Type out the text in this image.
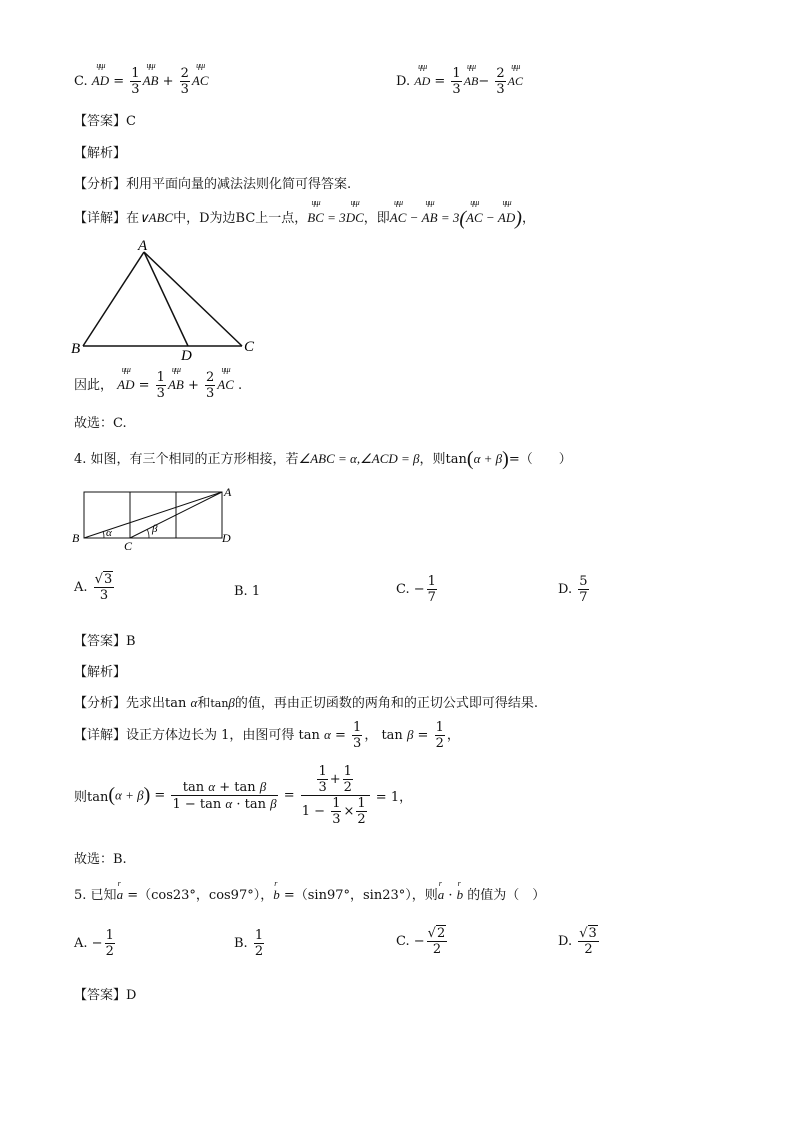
C. ɥɥɹ AD = $\frac{1}{3}$ ɥɥɹ AB + $\frac{2}{3}$ ɥɥɹ AC	D. ɥɥɹ AD = $\frac{1}{3}$ ɥɥɹ $AB- \frac{2}{3}$ ɥɥɹ AC
【答案】C
【解析】
【分析】利用平面向量的减法法则化简可得答案.
【详解】在∨ABC中，D为边BC上一点，ɥɥɹ BC = 3ɥɥɹ DC，即ɥɥɹ AC − ɥɥɹ AB = 3(ɥɥɹ AC − ɥɥɹ AD)，
A
B	D
C
因此， ɥɥɹ AD = $\frac{1}{3}$ ɥɥɹ AB + $\frac{2}{3}$ ɥɥɹ AC .
故选：C.
4. 如图，有三个相同的正方形相接，若∠ABC = α,∠ACD = β，则tan(α + β)=（　　）
α	β
A
B
C
D
A. $\frac{√3}{3}$	B. 1	C. − $\frac{1}{7}$	D. $\frac{5}{7}$
【答案】B
【解析】
【分析】先求出tan α和tanβ的值，再由正切函数的两角和的正切公式即可得结果.
【详解】设正方体边长为 1，由图可得 $\tan \alpha = \frac{1}{3}$ ， $\tan \beta = \frac{1}{2}$ ，
则$\tan(\alpha + \beta) = \frac{\text{tan α + tan β}}{\text{1 − tan α · tan β}} = \frac{\frac{1}{3} + \frac{1}{2}}{1 - \frac{1}{3} \times \frac{1}{2}} = 1$，
故选：B.
5. 已知r a =（cos23°，cos97°），r b =（sin97°，sin23°），则r a · r b 的值为（　）
A. − $\frac{1}{2}$	B. $\frac{1}{2}$	C. − $\frac{√2}{2}$	D. $\frac{√3}{2}$
【答案】D
